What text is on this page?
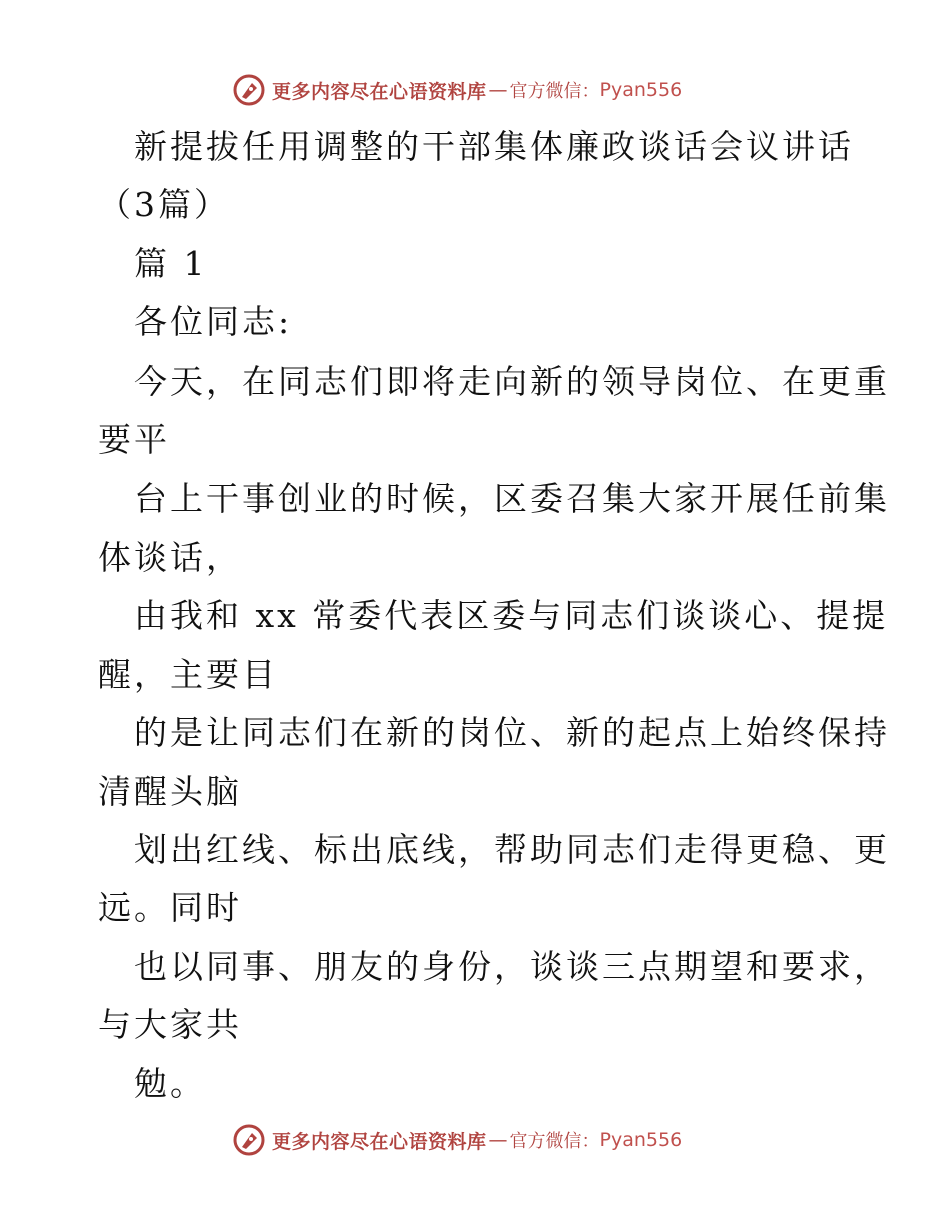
更多内容尽在心语资料库 — 官方微信： Pyan556
新提拔任用调整的干部集体廉政谈话会议讲话
（3篇）
篇 1
各位同志:
今天，在同志们即将走向新的领导岗位、在更重
要平
台上干事创业的时候，区委召集大家开展任前集
体谈话，
由我和 xx 常委代表区委与同志们谈谈心、提提
醒，主要目
的是让同志们在新的岗位、新的起点上始终保持
清醒头脑
划出红线、标出底线，帮助同志们走得更稳、更
远。同时
也以同事、朋友的身份，谈谈三点期望和要求，
与大家共
勉。
更多内容尽在心语资料库 — 官方微信： Pyan556
